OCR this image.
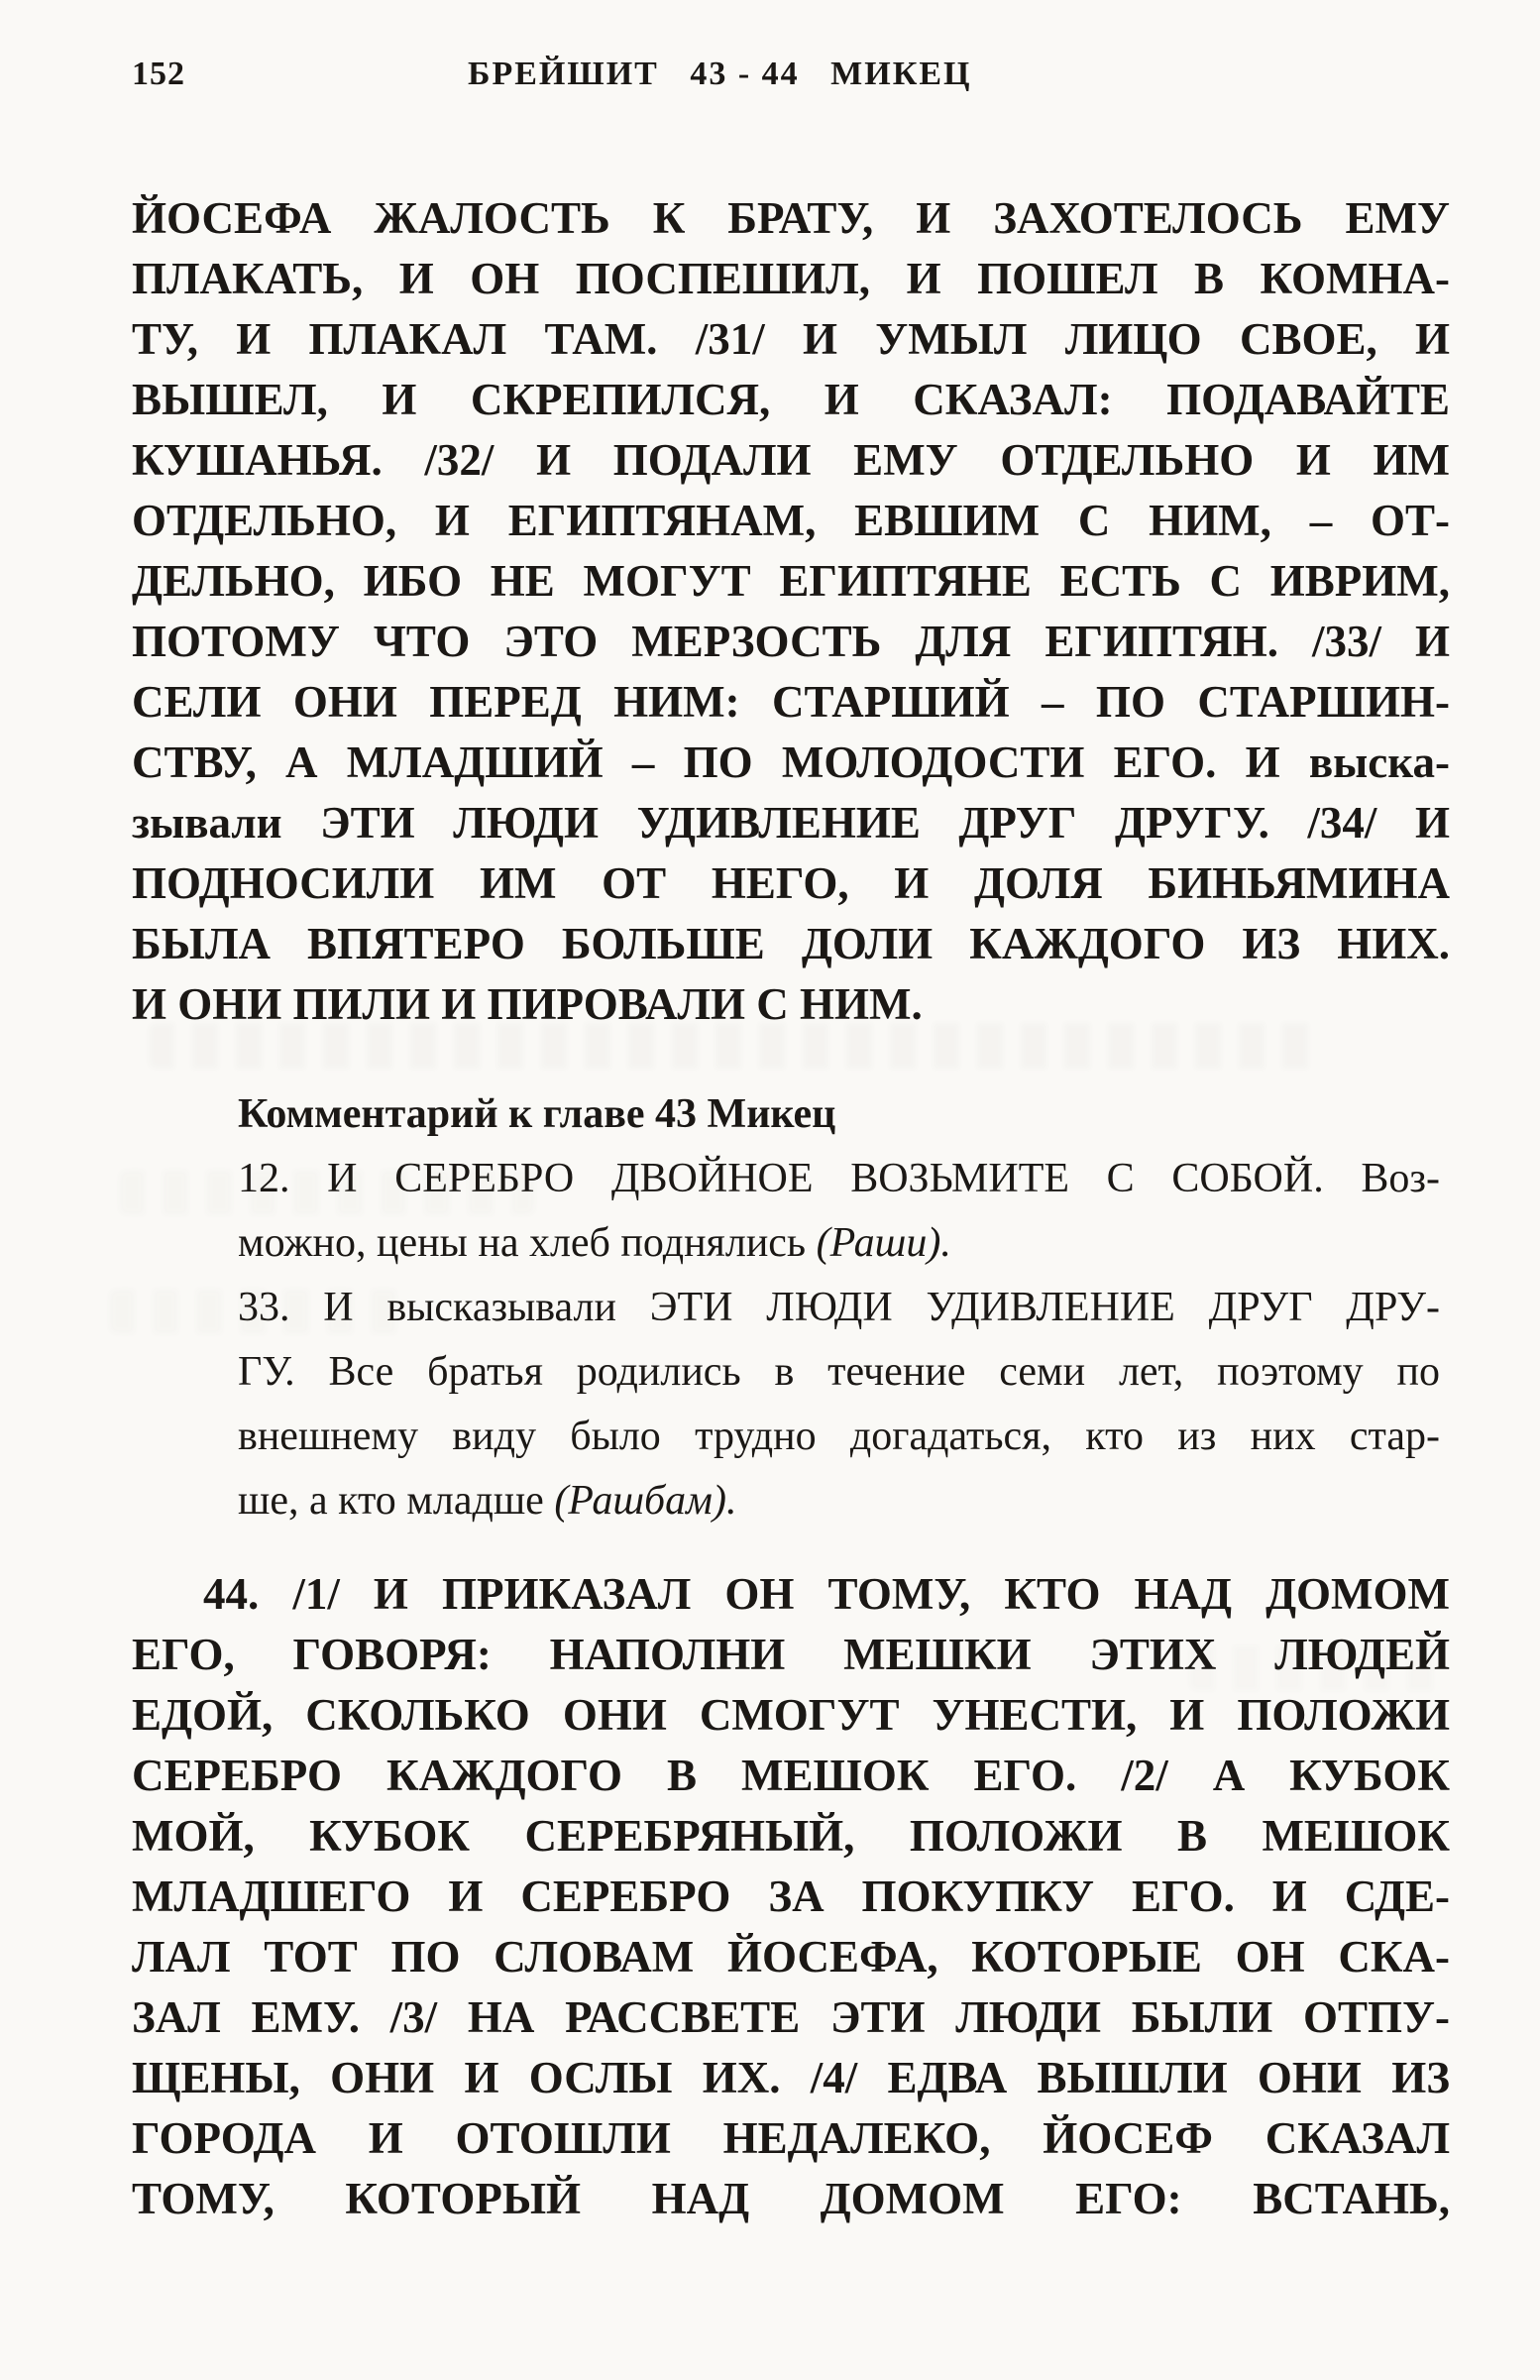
152	БРЕЙШИТ   43 - 44   МИКЕЦ
ЙОСЕФА ЖАЛОСТЬ К БРАТУ, И ЗАХОТЕЛОСЬ ЕМУ
ПЛАКАТЬ, И ОН ПОСПЕШИЛ, И ПОШЕЛ В КОМНА-
ТУ, И ПЛАКАЛ ТАМ. /31/ И УМЫЛ ЛИЦО СВОЕ, И
ВЫШЕЛ, И СКРЕПИЛСЯ, И СКАЗАЛ: ПОДАВАЙТЕ
КУШАНЬЯ. /32/ И ПОДАЛИ ЕМУ ОТДЕЛЬНО И ИМ
ОТДЕЛЬНО, И ЕГИПТЯНАМ, ЕВШИМ С НИМ, – ОТ-
ДЕЛЬНО, ИБО НЕ МОГУТ ЕГИПТЯНЕ ЕСТЬ С ИВРИМ,
ПОТОМУ ЧТО ЭТО МЕРЗОСТЬ ДЛЯ ЕГИПТЯН. /33/ И
СЕЛИ ОНИ ПЕРЕД НИМ: СТАРШИЙ – ПО СТАРШИН-
СТВУ, А МЛАДШИЙ – ПО МОЛОДОСТИ ЕГО. И выска-
зывали ЭТИ ЛЮДИ УДИВЛЕНИЕ ДРУГ ДРУГУ. /34/ И
ПОДНОСИЛИ ИМ ОТ НЕГО, И ДОЛЯ БИНЬЯМИНА
БЫЛА ВПЯТЕРО БОЛЬШЕ ДОЛИ КАЖДОГО ИЗ НИХ.
И ОНИ ПИЛИ И ПИРОВАЛИ С НИМ.
Комментарий к главе 43 Микец
12. И СЕРЕБРО ДВОЙНОЕ ВОЗЬМИТЕ С СОБОЙ. Воз-
можно, цены на хлеб поднялись (Раши).
33. И высказывали ЭТИ ЛЮДИ УДИВЛЕНИЕ ДРУГ ДРУ-
ГУ. Все братья родились в течение семи лет, поэтому по
внешнему виду было трудно догадаться, кто из них стар-
ше, а кто младше (Рашбам).
44. /1/ И ПРИКАЗАЛ ОН ТОМУ, КТО НАД ДОМОМ
ЕГО, ГОВОРЯ: НАПОЛНИ МЕШКИ ЭТИХ ЛЮДЕЙ
ЕДОЙ, СКОЛЬКО ОНИ СМОГУТ УНЕСТИ, И ПОЛОЖИ
СЕРЕБРО КАЖДОГО В МЕШОК ЕГО. /2/ А КУБОК
МОЙ, КУБОК СЕРЕБРЯНЫЙ, ПОЛОЖИ В МЕШОК
МЛАДШЕГО И СЕРЕБРО ЗА ПОКУПКУ ЕГО. И СДЕ-
ЛАЛ ТОТ ПО СЛОВАМ ЙОСЕФА, КОТОРЫЕ ОН СКА-
ЗАЛ ЕМУ. /3/ НА РАССВЕТЕ ЭТИ ЛЮДИ БЫЛИ ОТПУ-
ЩЕНЫ, ОНИ И ОСЛЫ ИХ. /4/ ЕДВА ВЫШЛИ ОНИ ИЗ
ГОРОДА И ОТОШЛИ НЕДАЛЕКО, ЙОСЕФ СКАЗАЛ
ТОМУ, КОТОРЫЙ НАД ДОМОМ ЕГО: ВСТАНЬ,
